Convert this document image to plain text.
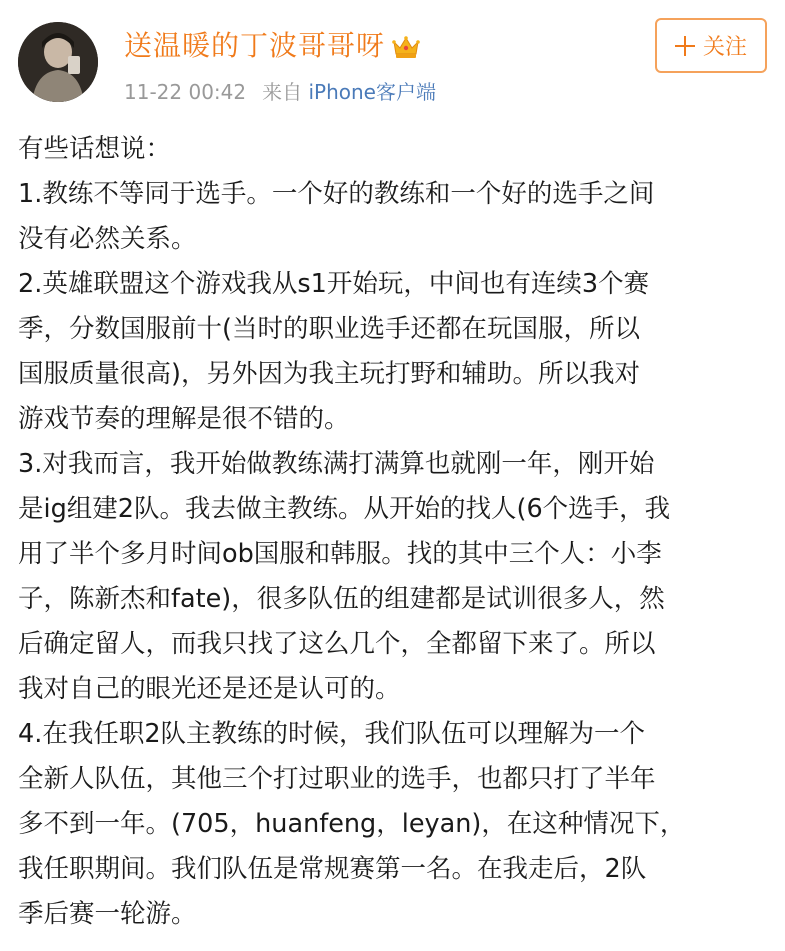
送温暖的丁波哥哥呀
11-22 00:42 来自 iPhone客户端
关注

有些话想说：

1.教练不等同于选手。一个好的教练和一个好的选手之间

没有必然关系。

2.英雄联盟这个游戏我从s1开始玩，中间也有连续3个赛

季，分数国服前十(当时的职业选手还都在玩国服，所以

国服质量很高)，另外因为我主玩打野和辅助。所以我对

游戏节奏的理解是很不错的。

3.对我而言，我开始做教练满打满算也就刚一年，刚开始

是ig组建2队。我去做主教练。从开始的找人(6个选手，我

用了半个多月时间ob国服和韩服。找的其中三个人：小李

子，陈新杰和fate)，很多队伍的组建都是试训很多人，然

后确定留人，而我只找了这么几个，全都留下来了。所以

我对自己的眼光还是还是认可的。

4.在我任职2队主教练的时候，我们队伍可以理解为一个

全新人队伍，其他三个打过职业的选手，也都只打了半年

多不到一年。(705，huanfeng，leyan)，在这种情况下，

我任职期间。我们队伍是常规赛第一名。在我走后，2队

季后赛一轮游。
